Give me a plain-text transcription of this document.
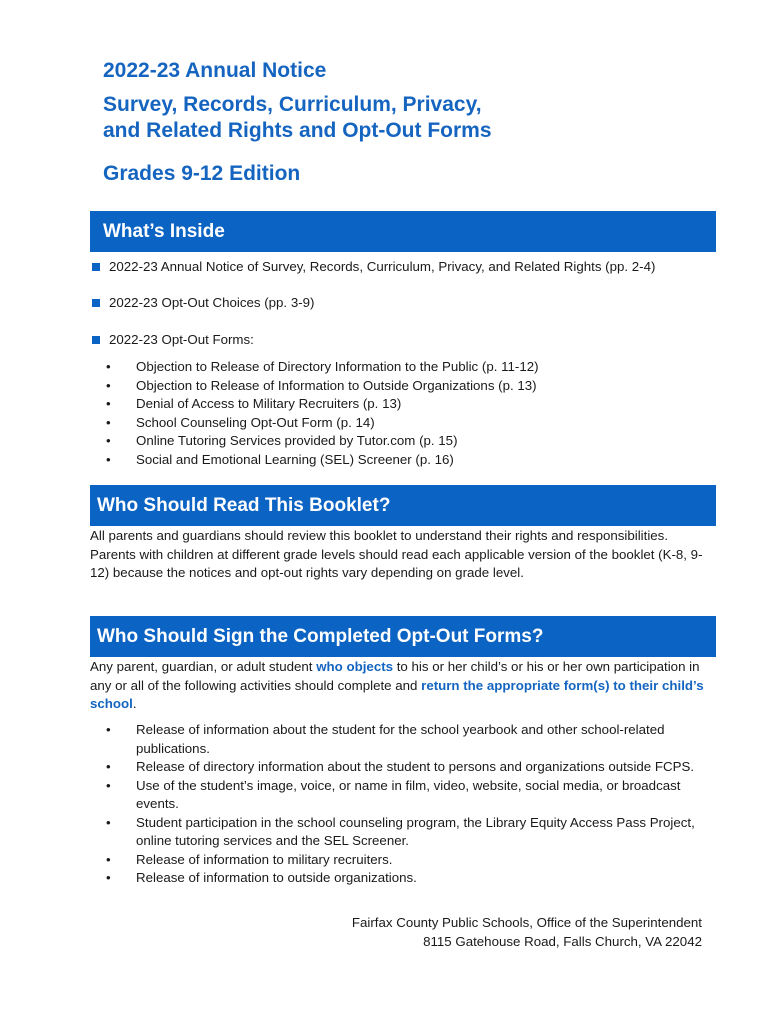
2022-23 Annual Notice
Survey, Records, Curriculum, Privacy,
and Related Rights and Opt-Out Forms
Grades 9-12 Edition
What’s Inside
2022-23 Annual Notice of Survey, Records, Curriculum, Privacy, and Related Rights (pp. 2-4)
2022-23 Opt-Out Choices (pp. 3-9)
2022-23 Opt-Out Forms:
• Objection to Release of Directory Information to the Public (p. 11-12)
• Objection to Release of Information to Outside Organizations (p. 13)
• Denial of Access to Military Recruiters (p. 13)
• School Counseling Opt-Out Form (p. 14)
• Online Tutoring Services provided by Tutor.com (p. 15)
• Social and Emotional Learning (SEL) Screener (p. 16)
Who Should Read This Booklet?
All parents and guardians should review this booklet to understand their rights and responsibilities. Parents with children at different grade levels should read each applicable version of the booklet (K-8, 9-12) because the notices and opt-out rights vary depending on grade level.
Who Should Sign the Completed Opt-Out Forms?
Any parent, guardian, or adult student who objects to his or her child’s or his or her own participation in any or all of the following activities should complete and return the appropriate form(s) to their child’s school.
• Release of information about the student for the school yearbook and other school-related publications.
• Release of directory information about the student to persons and organizations outside FCPS.
• Use of the student’s image, voice, or name in film, video, website, social media, or broadcast events.
• Student participation in the school counseling program, the Library Equity Access Pass Project, online tutoring services and the SEL Screener.
• Release of information to military recruiters.
• Release of information to outside organizations.
Fairfax County Public Schools, Office of the Superintendent
8115 Gatehouse Road, Falls Church, VA 22042
